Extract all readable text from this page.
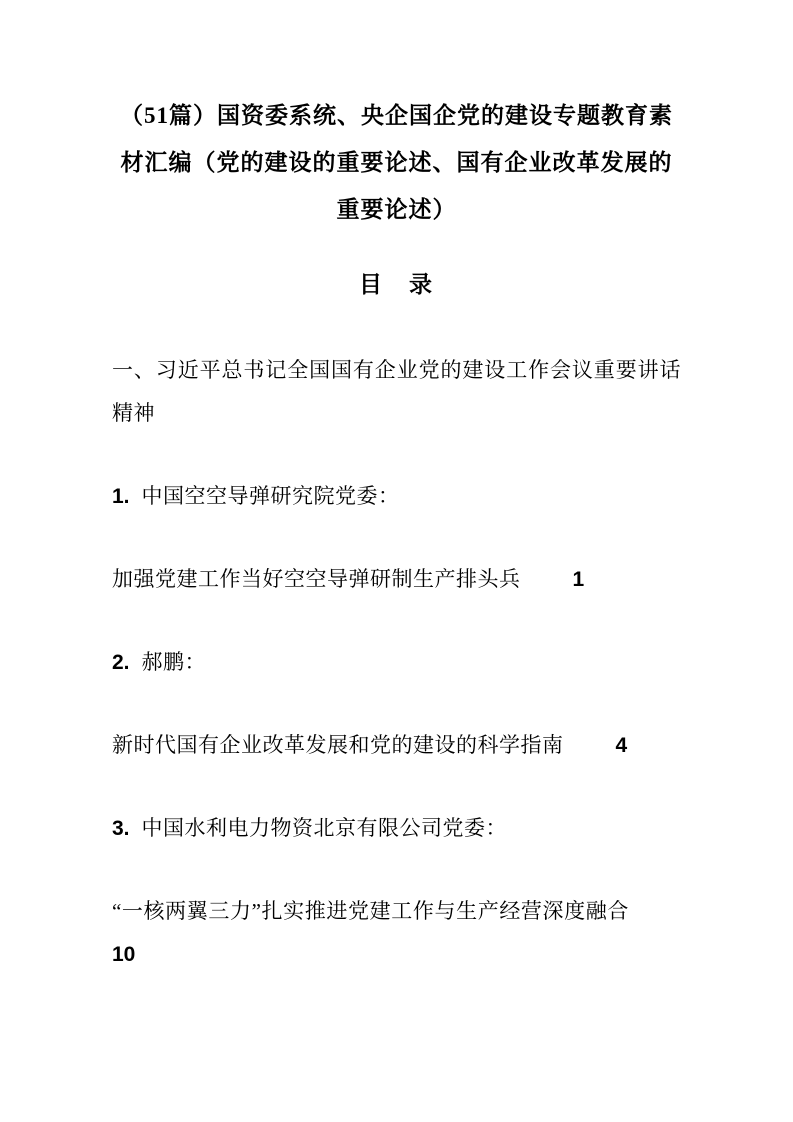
（51篇）国资委系统、央企国企党的建设专题教育素材汇编（党的建设的重要论述、国有企业改革发展的重要论述）
目　录

一、习近平总书记全国国有企业党的建设工作会议重要讲话精神

1. 中国空空导弹研究院党委：

加强党建工作当好空空导弹研制生产排头兵 1

2. 郝鹏：

新时代国有企业改革发展和党的建设的科学指南 4

3. 中国水利电力物资北京有限公司党委：

“一核两翼三力”扎实推进党建工作与生产经营深度融合10
